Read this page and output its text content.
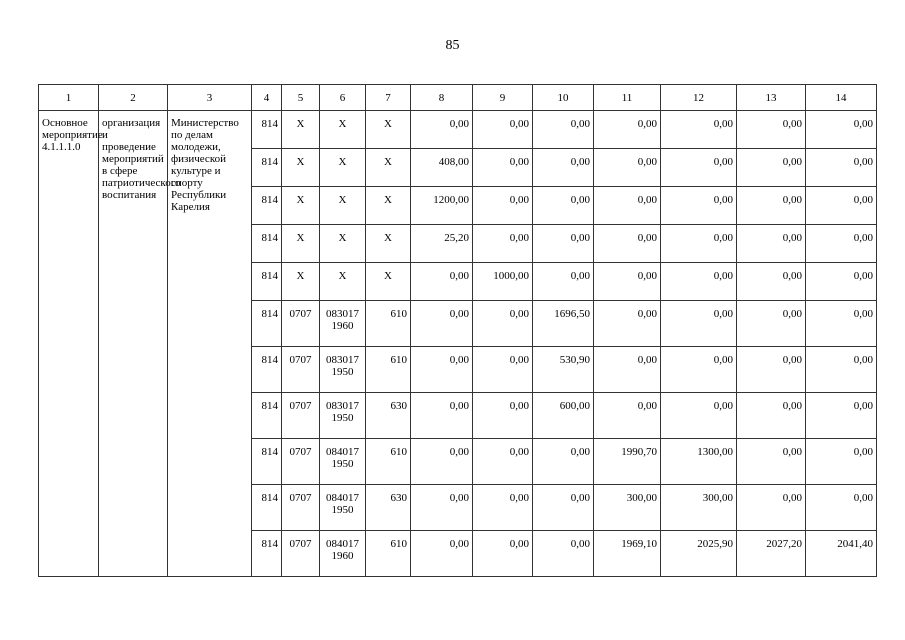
85
1	2	3	4	5	6	7	8	9	10	11	12	13	14
Основное мероприятие 4.1.1.1.0	организация и проведение мероприятий в сфере патриотического воспитания	Министерство по делам молодежи, физической культуре и спорту Республики Карелия	814	X	X	X	0,00	0,00	0,00	0,00	0,00	0,00	0,00
			814	X	X	X	408,00	0,00	0,00	0,00	0,00	0,00	0,00
			814	X	X	X	1200,00	0,00	0,00	0,00	0,00	0,00	0,00
			814	X	X	X	25,20	0,00	0,00	0,00	0,00	0,00	0,00
			814	X	X	X	0,00	1000,00	0,00	0,00	0,00	0,00	0,00
			814	0707	083017 1960	610	0,00	0,00	1696,50	0,00	0,00	0,00	0,00
			814	0707	083017 1950	610	0,00	0,00	530,90	0,00	0,00	0,00	0,00
			814	0707	083017 1950	630	0,00	0,00	600,00	0,00	0,00	0,00	0,00
			814	0707	084017 1950	610	0,00	0,00	0,00	1990,70	1300,00	0,00	0,00
			814	0707	084017 1950	630	0,00	0,00	0,00	300,00	300,00	0,00	0,00
			814	0707	084017 1960	610	0,00	0,00	0,00	1969,10	2025,90	2027,20	2041,40
